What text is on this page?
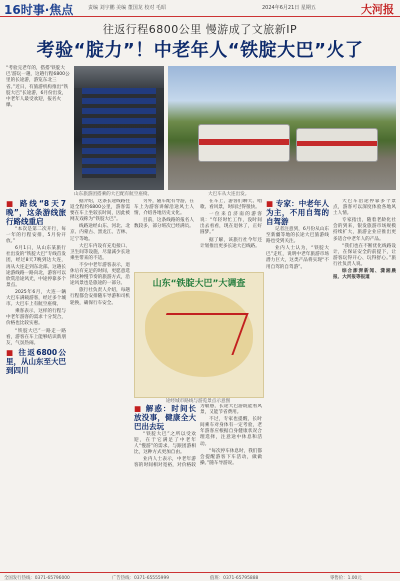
16时事·焦点	责编 刘宇鹏 美编 董国龙 校对 毛昭	2024年6月21日 星期五	大河报
往返行程6800公里 慢游成了文旅新IP
考验“腚力”！中老年人“铁腚大巴”火了
“考验完老年的，搭搭‘铁腚大巴’游玩一趟，这趟行程6800公里的长途游，游览东北三省。”近日，有旅游机构推出“铁腚大巴”长途游，6月份出发，中老年人最受欢迎，报名火爆。
山东旅游团搭乘的大巴配有航空座椅。	大巴车从大连出发。

■ 路线“8天7晚”，这条游线旅行路线重启

“本次是第二次开行，每一年的行程安排，5月份开放。”

6月1日，从山东某旅行社出发的“铁腚大巴”专线首发团，经过8天7晚到达大连，再从大连走到东北部。这趟长途游线路一路向北，游客可以欣赏沿途风光，中途停靠多个景点。

2025年6月，大连一辆大巴车满载游客，经过多个城市。大巴车上有航空座椅。

乘客表示，这样的行程与中老年游客的需求十分契合，价格也比较实惠。

“铁腚大巴”一路走一路看，游客在车上能够结识新朋友，气氛热闹。

■ 往返6800公里，从山东至大巴到四川

据介绍，这条长途线路往返全程约6800公里，游客需要在车上坐较长时间，因此被网友戏称为“铁腚大巴”。

线路途经山东、河北、北京、内蒙古、黑龙江、吉林、辽宁等地。

大巴车内设有充电接口、卫生间等设施，尽量减少长途乘坐带来的不适。

不少中老年游客表示，退休后有充足的时间，更愿意选择这种慢节奏的旅游方式，沿途风景也是旅途的一部分。

旅行社负责人介绍，每趟行程都会安排随车导游和司机轮换，确保行车安全。

另外，随车配有导游，在车上为游客讲解沿途风土人情，介绍各地历史文化。

目前，这条线路的报名人数较多，部分班次已经满员。

山东“铁腚大巴”大调查
途经城市路线与游览景点示意图

■ 解惑：时间长放没事，健康全大巴出去玩

“铁腚大巴”之所以受欢迎，在于它满足了中老年人“慢游”的需求。与跟团游相比，这种方式更加自由。

业内人士表示，中老年游客的时间相对宽裕，对价格较为敏感，长途大巴游既能看风景，又能节省费用。

不过，专家也提醒，长时间乘车对身体有一定考验，老年游客应根据自身健康状况合理选择，注意途中休息和活动。

“每次停车休息时，我们都会提醒游客下车活动，做做操。”随车导游说。

在车上，游客们聊天、唱歌、看风景，时间过得很快。

一位来自济南的游客说：“年轻时忙工作，没时间出去看看，现在退休了，正好圆梦。”

据了解，该旅行社今年还计划推出更多长途大巴线路。

■ 专家：中老年人为主，不用自驾的自驾游

记者注意到，6月份从山东至新疆等地的长途大巴旅游线路也受到关注。

业内人士认为，“铁腚大巴”走红，说明中老年旅游市场潜力巨大，这类产品将实现“不用自驾的自驾游”。

大巴车沿途停靠多个景点，游客可以深度体验各地风土人情。

专家指出，随着老龄化社会的到来，银发旅游市场规模持续扩大，旅游企业应推出更多适合中老年人的产品。

“我们也在不断优化线路设计，在保证安全的前提下，让游客玩得开心、玩得舒心。”旅行社负责人说。

综合澎湃新闻、潇湘晨报、大河报等报道

全国发行热线：0371-65796000	广告热线：0371-65555999	值班：0371-65795888	零售价：1.00元
